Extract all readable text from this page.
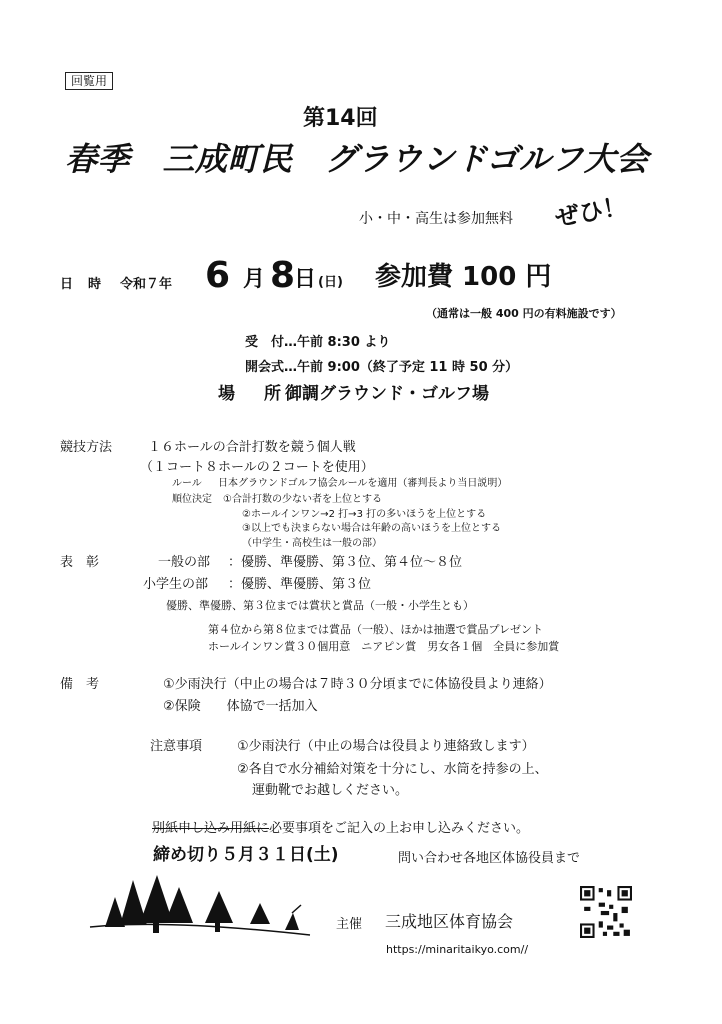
回覧用
第14回
春季　三成町民　グラウンドゴルフ大会
小・中・高生は参加無料 ぜひ！
日　時 令和７年 6 月 8
日 (日) 参加費 100 円
（通常は一般 400 円の有料施設です）
受　付…午前 8:30 より
開会式…午前 9:00（終了予定 11 時 50 分）
場　所
御調グラウンド・ゴルフ場
競技方法	１６ホールの合計打数を競う個人戦
（１コート８ホールの２コートを使用）
ルール 日本グラウンドゴルフ協会ルールを適用（審判長より当日説明）
順位決定 ①合計打数の少ない者を上位とする
②ホールインワン→2 打→3 打の多いほうを上位とする
③以上でも決まらない場合は年齢の高いほうを上位とする
（中学生・高校生は一般の部）
表　彰	一般の部 ：優勝、準優勝、第３位、第４位～８位
小学生の部 ：優勝、準優勝、第３位
優勝、準優勝、第３位までは賞状と賞品（一般・小学生とも）
第４位から第８位までは賞品（一般）、ほかは抽選で賞品プレゼント
ホールインワン賞３０個用意　ニアピン賞　男女各１個　全員に参加賞
備　考	①少雨決行（中止の場合は７時３０分頃までに体協役員より連絡）
②保険　　体協で一括加入
注意事項	①少雨決行（中止の場合は役員より連絡致します）
②各自で水分補給対策を十分にし、水筒を持参の上、
運動靴でお越しください。
別紙申し込み用紙に必要事項をご記入の上お申し込みください。
締め切り５月３１日(土)	問い合わせ各地区体協役員まで
主催 三成地区体育協会
https://minaritaikyo.com//
